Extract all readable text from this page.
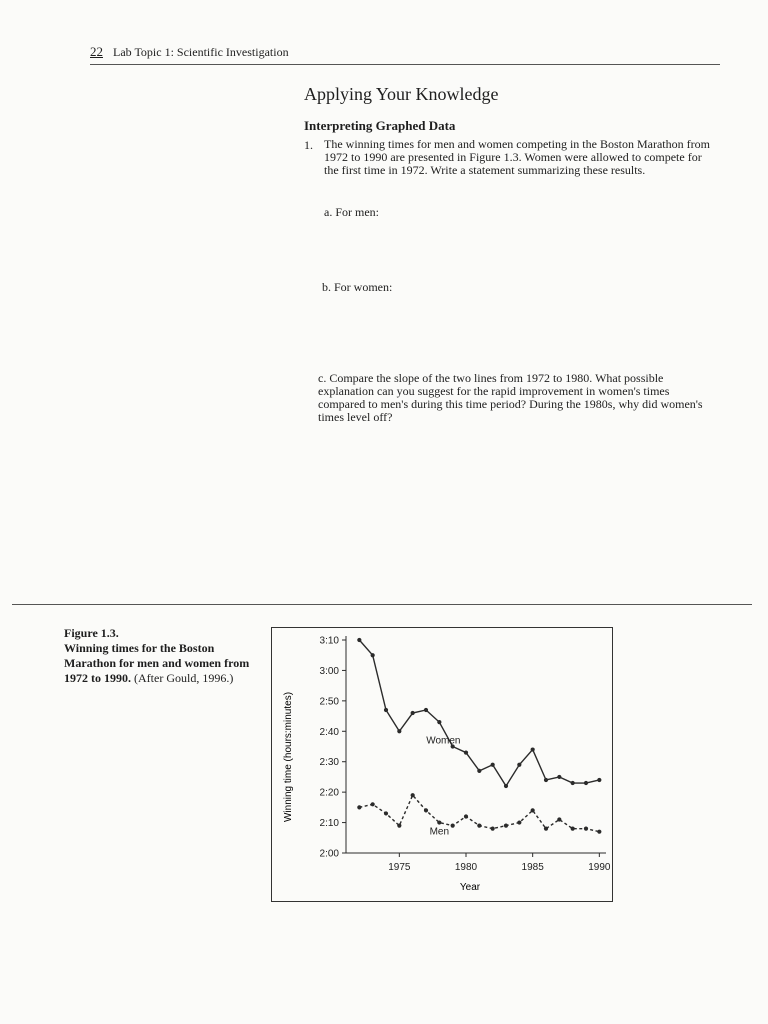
22 Lab Topic 1: Scientific Investigation
Applying Your Knowledge
Interpreting Graphed Data
1. The winning times for men and women competing in the Boston Marathon from 1972 to 1990 are presented in Figure 1.3. Women were allowed to compete for the first time in 1972. Write a statement summarizing these results.
a. For men:
b. For women:
c. Compare the slope of the two lines from 1972 to 1980. What possible explanation can you suggest for the rapid improvement in women's times compared to men's during this time period? During the 1980s, why did women's times level off?
Figure 1.3.
Winning times for the Boston Marathon for men and women from 1972 to 1990. (After Gould, 1996.)
Winning time (hours:minutes)
Year
2:00
2:10
2:20
2:30
2:40
2:50
3:00
3:10
1975	1980	1985	1990
Women
Men
